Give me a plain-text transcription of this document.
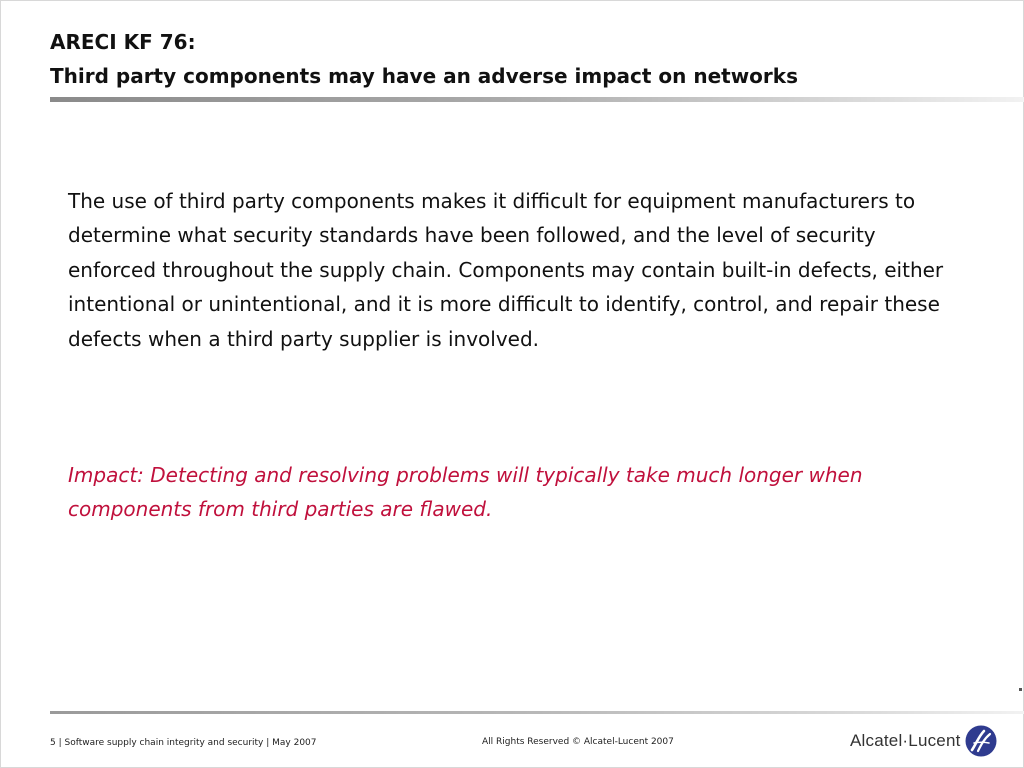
ARECI KF 76:
Third party components may have an adverse impact on networks
The use of third party components makes it difficult for equipment manufacturers to determine what security standards have been followed, and the level of security enforced throughout the supply chain. Components may contain built-in defects, either intentional or unintentional, and it is more difficult to identify, control, and repair these defects when a third party supplier is involved.
Impact: Detecting and resolving problems will typically take much longer when components from third parties are flawed.
5 | Software supply chain integrity and security | May 2007	All Rights Reserved © Alcatel-Lucent 2007	Alcatel·Lucent
